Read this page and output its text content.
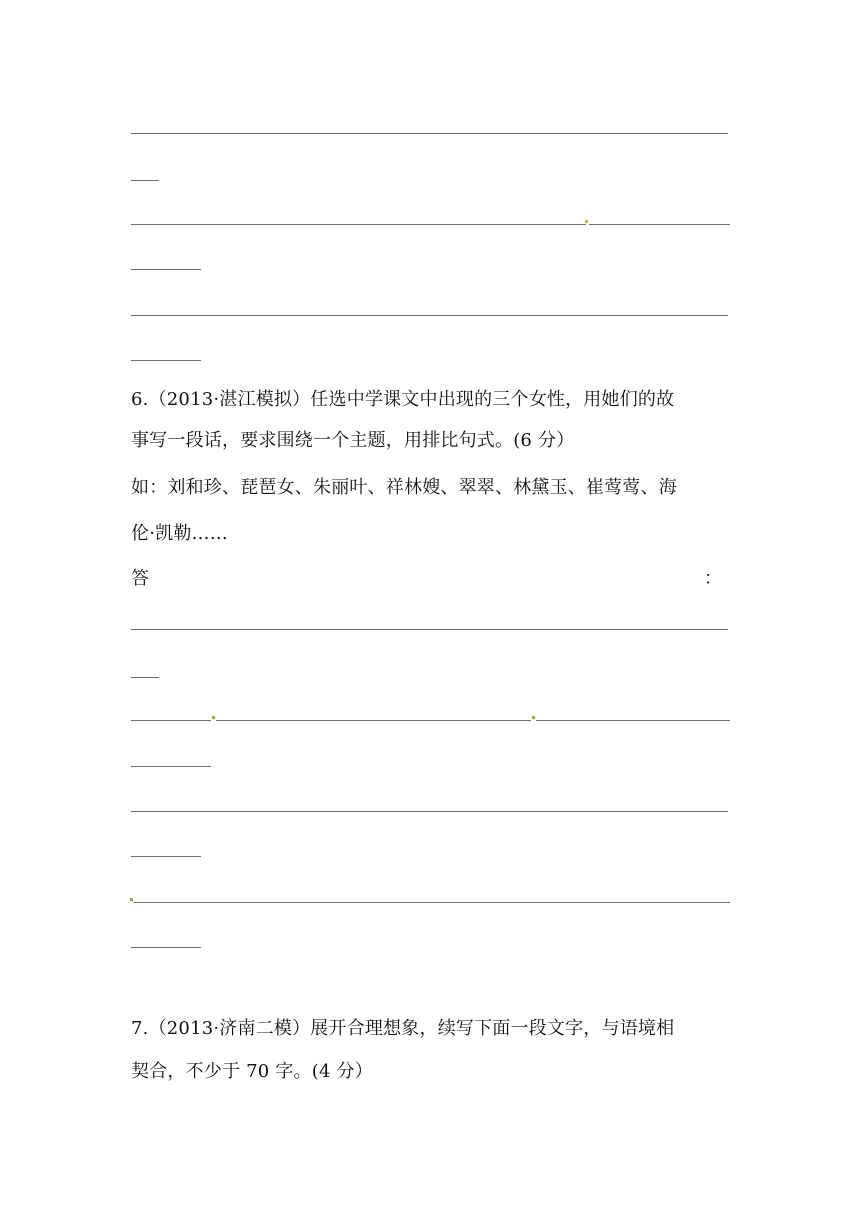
6.（2013·湛江模拟）任选中学课文中出现的三个女性，用她们的故
事写一段话，要求围绕一个主题，用排比句式。(6 分）
如：刘和珍、琵琶女、朱丽叶、祥林嫂、翠翠、林黛玉、崔莺莺、海
伦·凯勒……
答	：
7.（2013·济南二模）展开合理想象，续写下面一段文字，与语境相
契合，不少于 70 字。(4 分）
